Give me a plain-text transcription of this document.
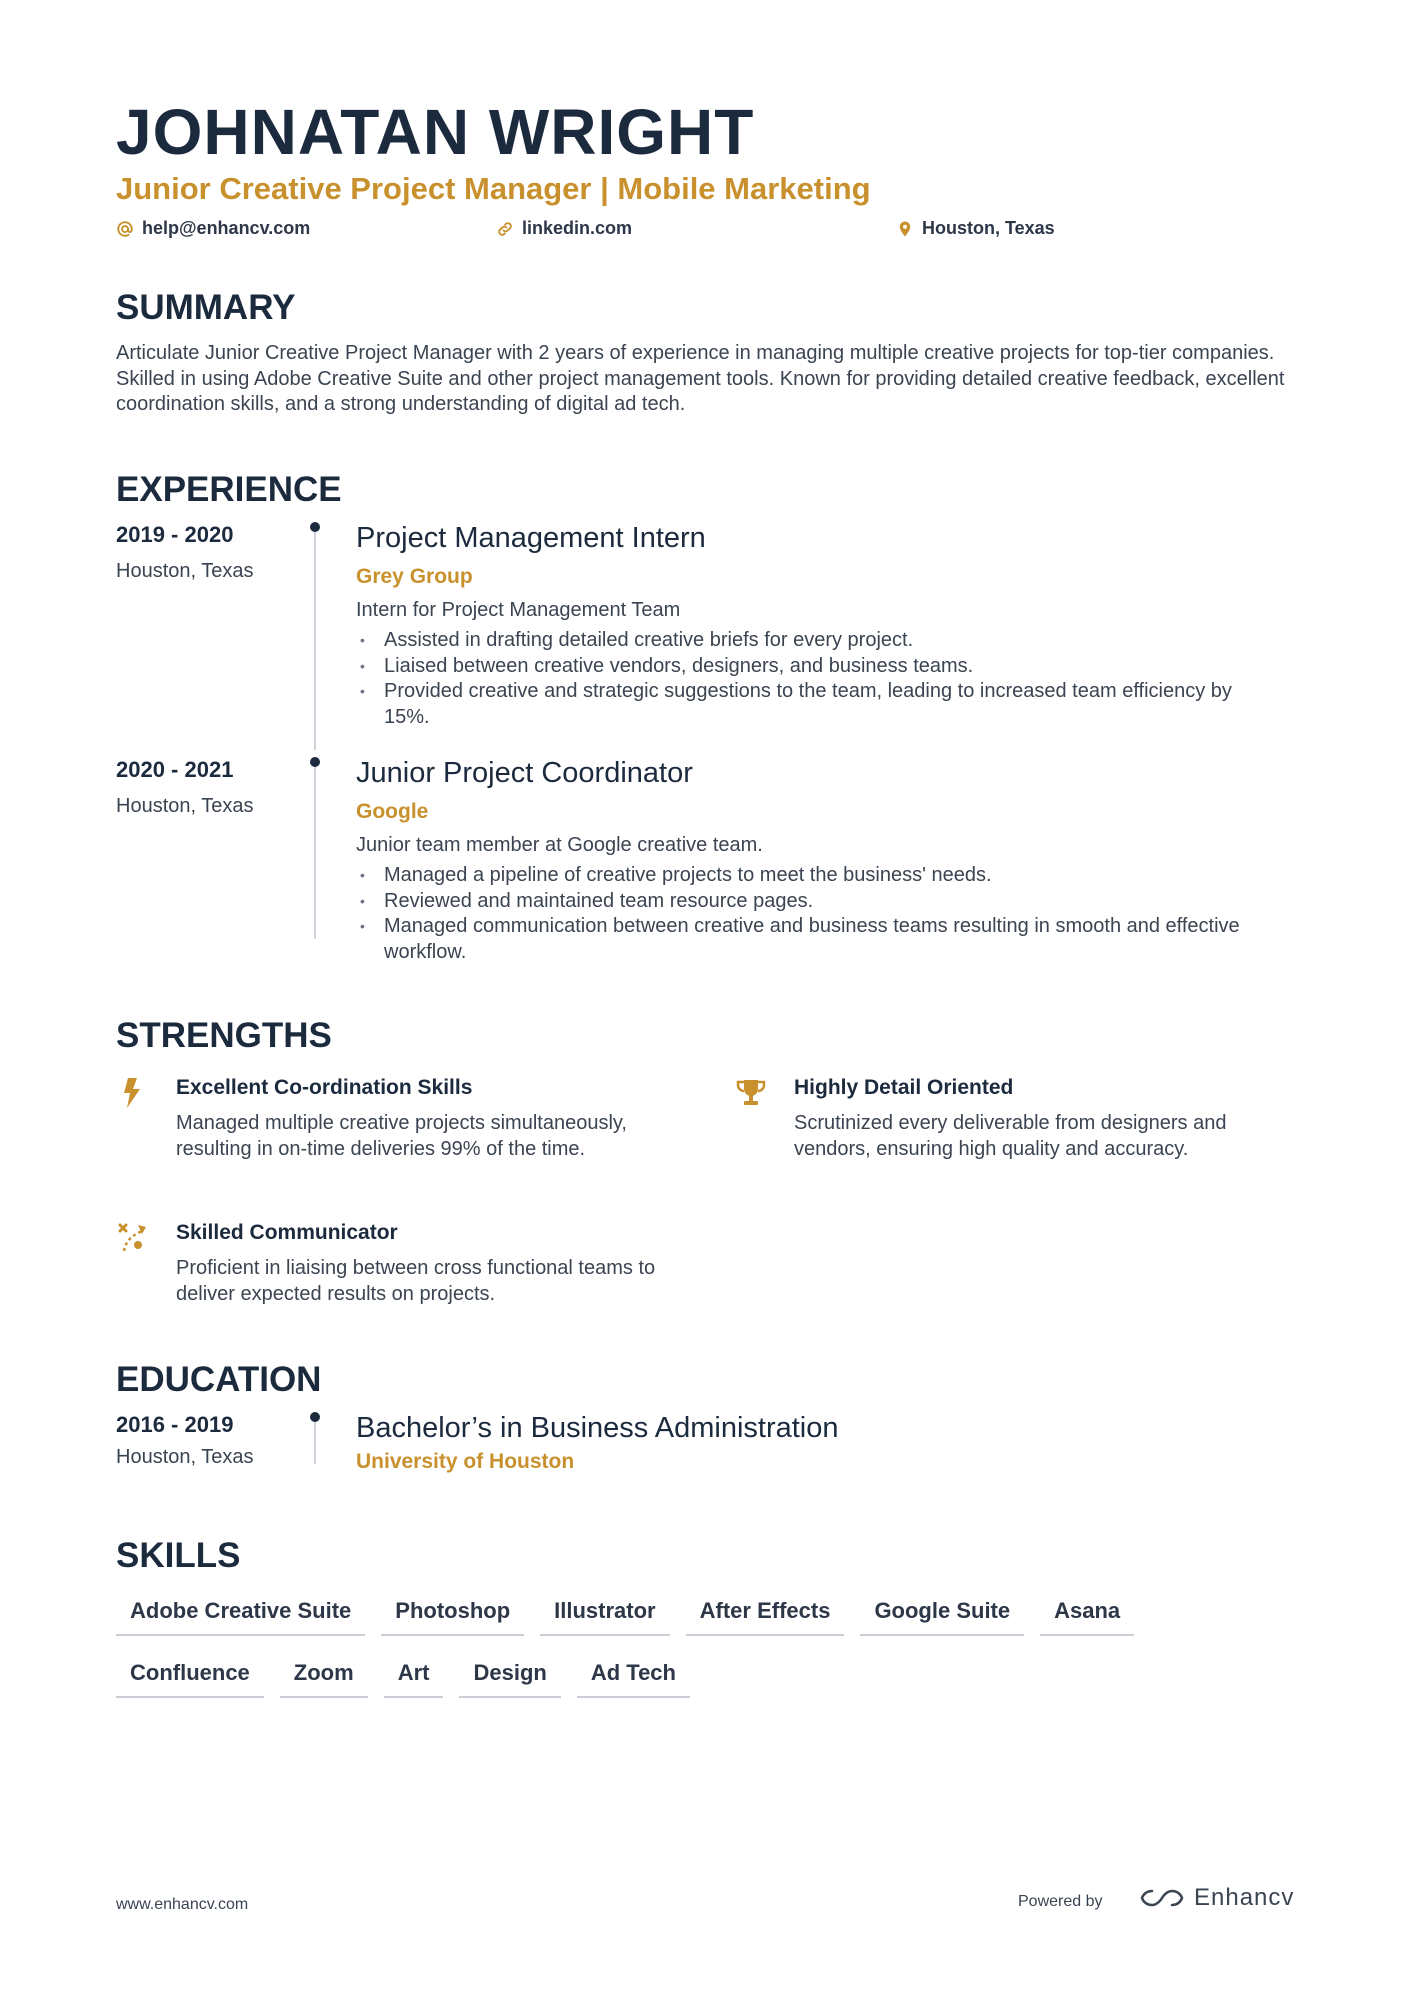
JOHNATAN WRIGHT
Junior Creative Project Manager | Mobile Marketing
help@enhancv.com	linkedin.com	Houston, Texas
SUMMARY
Articulate Junior Creative Project Manager with 2 years of experience in managing multiple creative projects for top-tier companies. Skilled in using Adobe Creative Suite and other project management tools. Known for providing detailed creative feedback, excellent coordination skills, and a strong understanding of digital ad tech.
EXPERIENCE
2019 - 2020
Houston, Texas
Project Management Intern
Grey Group
Intern for Project Management Team
• Assisted in drafting detailed creative briefs for every project.
• Liaised between creative vendors, designers, and business teams.
• Provided creative and strategic suggestions to the team, leading to increased team efficiency by 15%.
2020 - 2021
Houston, Texas
Junior Project Coordinator
Google
Junior team member at Google creative team.
• Managed a pipeline of creative projects to meet the business' needs.
• Reviewed and maintained team resource pages.
• Managed communication between creative and business teams resulting in smooth and effective workflow.
STRENGTHS
Excellent Co-ordination Skills
Managed multiple creative projects simultaneously, resulting in on-time deliveries 99% of the time.
Highly Detail Oriented
Scrutinized every deliverable from designers and vendors, ensuring high quality and accuracy.
Skilled Communicator
Proficient in liaising between cross functional teams to deliver expected results on projects.
EDUCATION
2016 - 2019
Houston, Texas
Bachelor’s in Business Administration
University of Houston
SKILLS
Adobe Creative Suite	Photoshop	Illustrator	After Effects	Google Suite	Asana
Confluence	Zoom	Art	Design	Ad Tech
www.enhancv.com	Powered by	Enhancv
